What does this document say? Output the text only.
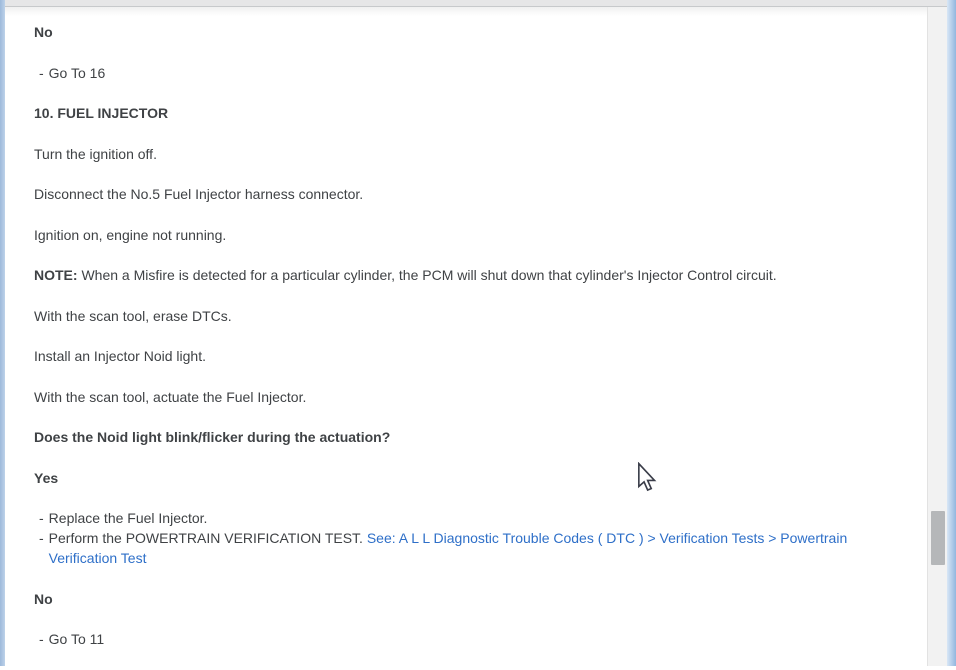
No

- Go To 16

10. FUEL INJECTOR

Turn the ignition off.

Disconnect the No.5 Fuel Injector harness connector.

Ignition on, engine not running.

NOTE: When a Misfire is detected for a particular cylinder, the PCM will shut down that cylinder's Injector Control circuit.

With the scan tool, erase DTCs.

Install an Injector Noid light.

With the scan tool, actuate the Fuel Injector.

Does the Noid light blink/flicker during the actuation?

Yes

- Replace the Fuel Injector.
- Perform the POWERTRAIN VERIFICATION TEST. See: A L L Diagnostic Trouble Codes ( DTC ) > Verification Tests > Powertrain Verification Test

No

- Go To 11
